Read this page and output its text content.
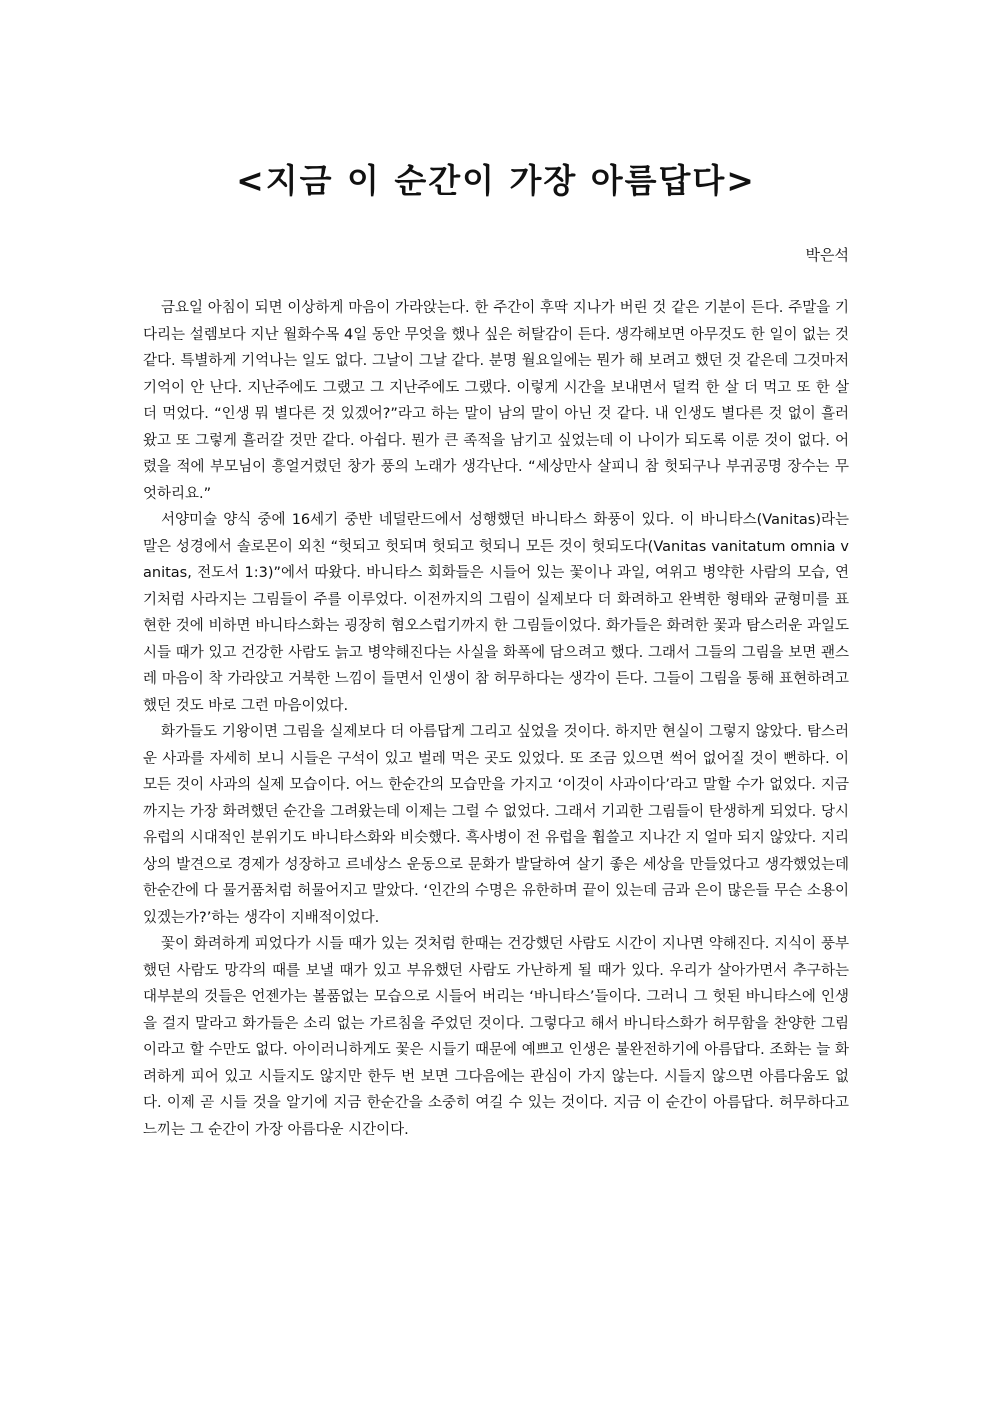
<지금 이 순간이 가장 아름답다>

박은석

금요일 아침이 되면 이상하게 마음이 가라앉는다. 한 주간이 후딱 지나가 버린 것 같은 기분이 든다. 주말을 기다리는 설렘보다 지난 월화수목 4일 동안 무엇을 했나 싶은 허탈감이 든다. 생각해보면 아무것도 한 일이 없는 것 같다. 특별하게 기억나는 일도 없다. 그날이 그날 같다. 분명 월요일에는 뭔가 해 보려고 했던 것 같은데 그것마저 기억이 안 난다. 지난주에도 그랬고 그 지난주에도 그랬다. 이렇게 시간을 보내면서 덜컥 한 살 더 먹고 또 한 살 더 먹었다. “인생 뭐 별다른 것 있겠어?”라고 하는 말이 남의 말이 아닌 것 같다. 내 인생도 별다른 것 없이 흘러왔고 또 그렇게 흘러갈 것만 같다. 아쉽다. 뭔가 큰 족적을 남기고 싶었는데 이 나이가 되도록 이룬 것이 없다. 어렸을 적에 부모님이 흥얼거렸던 창가 풍의 노래가 생각난다. “세상만사 살피니 참 헛되구나 부귀공명 장수는 무엇하리요.”

서양미술 양식 중에 16세기 중반 네덜란드에서 성행했던 바니타스 화풍이 있다. 이 바니타스(Vanitas)라는 말은 성경에서 솔로몬이 외친 “헛되고 헛되며 헛되고 헛되니 모든 것이 헛되도다(Vanitas vanitatum omnia vanitas, 전도서 1:3)”에서 따왔다. 바니타스 회화들은 시들어 있는 꽃이나 과일, 여위고 병약한 사람의 모습, 연기처럼 사라지는 그림들이 주를 이루었다. 이전까지의 그림이 실제보다 더 화려하고 완벽한 형태와 균형미를 표현한 것에 비하면 바니타스화는 굉장히 혐오스럽기까지 한 그림들이었다. 화가들은 화려한 꽃과 탐스러운 과일도 시들 때가 있고 건강한 사람도 늙고 병약해진다는 사실을 화폭에 담으려고 했다. 그래서 그들의 그림을 보면 괜스레 마음이 착 가라앉고 거북한 느낌이 들면서 인생이 참 허무하다는 생각이 든다. 그들이 그림을 통해 표현하려고 했던 것도 바로 그런 마음이었다.

화가들도 기왕이면 그림을 실제보다 더 아름답게 그리고 싶었을 것이다. 하지만 현실이 그렇지 않았다. 탐스러운 사과를 자세히 보니 시들은 구석이 있고 벌레 먹은 곳도 있었다. 또 조금 있으면 썩어 없어질 것이 뻔하다. 이 모든 것이 사과의 실제 모습이다. 어느 한순간의 모습만을 가지고 ‘이것이 사과이다’라고 말할 수가 없었다. 지금까지는 가장 화려했던 순간을 그려왔는데 이제는 그럴 수 없었다. 그래서 기괴한 그림들이 탄생하게 되었다. 당시 유럽의 시대적인 분위기도 바니타스화와 비슷했다. 흑사병이 전 유럽을 휩쓸고 지나간 지 얼마 되지 않았다. 지리상의 발견으로 경제가 성장하고 르네상스 운동으로 문화가 발달하여 살기 좋은 세상을 만들었다고 생각했었는데 한순간에 다 물거품처럼 허물어지고 말았다. ‘인간의 수명은 유한하며 끝이 있는데 금과 은이 많은들 무슨 소용이 있겠는가?’하는 생각이 지배적이었다.

꽃이 화려하게 피었다가 시들 때가 있는 것처럼 한때는 건강했던 사람도 시간이 지나면 약해진다. 지식이 풍부했던 사람도 망각의 때를 보낼 때가 있고 부유했던 사람도 가난하게 될 때가 있다. 우리가 살아가면서 추구하는 대부분의 것들은 언젠가는 볼품없는 모습으로 시들어 버리는 ‘바니타스’들이다. 그러니 그 헛된 바니타스에 인생을 걸지 말라고 화가들은 소리 없는 가르침을 주었던 것이다. 그렇다고 해서 바니타스화가 허무함을 찬양한 그림이라고 할 수만도 없다. 아이러니하게도 꽃은 시들기 때문에 예쁘고 인생은 불완전하기에 아름답다. 조화는 늘 화려하게 피어 있고 시들지도 않지만 한두 번 보면 그다음에는 관심이 가지 않는다. 시들지 않으면 아름다움도 없다. 이제 곧 시들 것을 알기에 지금 한순간을 소중히 여길 수 있는 것이다. 지금 이 순간이 아름답다. 허무하다고 느끼는 그 순간이 가장 아름다운 시간이다.
